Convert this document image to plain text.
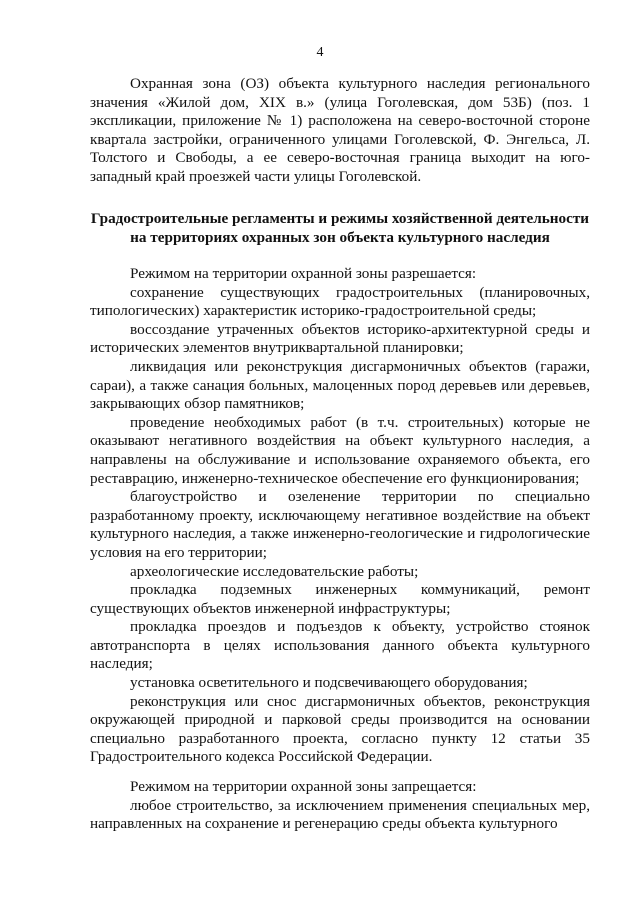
4

Охранная зона (ОЗ) объекта культурного наследия регионального значения «Жилой дом, XIX в.» (улица Гоголевская, дом 53Б) (поз. 1 экспликации, приложение № 1) расположена на северо-восточной стороне квартала застройки, ограниченного улицами Гоголевской, Ф. Энгельса, Л. Толстого и Свободы, а ее северо-восточная граница выходит на юго-западный край проезжей части улицы Гоголевской.

Градостроительные регламенты и режимы хозяйственной деятельности
на территориях охранных зон объекта культурного наследия

Режимом на территории охранной зоны разрешается:

сохранение существующих градостроительных (планировочных, типологических) характеристик историко-градостроительной среды;

воссоздание утраченных объектов историко-архитектурной среды и исторических элементов внутриквартальной планировки;

ликвидация или реконструкция дисгармоничных объектов (гаражи, сараи), а также санация больных, малоценных пород деревьев или деревьев, закрывающих обзор памятников;

проведение необходимых работ (в т.ч. строительных) которые не оказывают негативного воздействия на объект культурного наследия, а направлены на обслуживание и использование охраняемого объекта, его реставрацию, инженерно-техническое обеспечение его функционирования;

благоустройство и озеленение территории по специально разработанному проекту, исключающему негативное воздействие на объект культурного наследия, а также инженерно-геологические и гидрологические условия на его территории;

археологические исследовательские работы;

прокладка подземных инженерных коммуникаций, ремонт существующих объектов инженерной инфраструктуры;

прокладка проездов и подъездов к объекту, устройство стоянок автотранспорта в целях использования данного объекта культурного наследия;

установка осветительного и подсвечивающего оборудования;

реконструкция или снос дисгармоничных объектов, реконструкция окружающей природной и парковой среды производится на основании специально разработанного проекта, согласно пункту 12 статьи 35 Градостроительного кодекса Российской Федерации.

Режимом на территории охранной зоны запрещается:

любое строительство, за исключением применения специальных мер, направленных на сохранение и регенерацию среды объекта культурного
